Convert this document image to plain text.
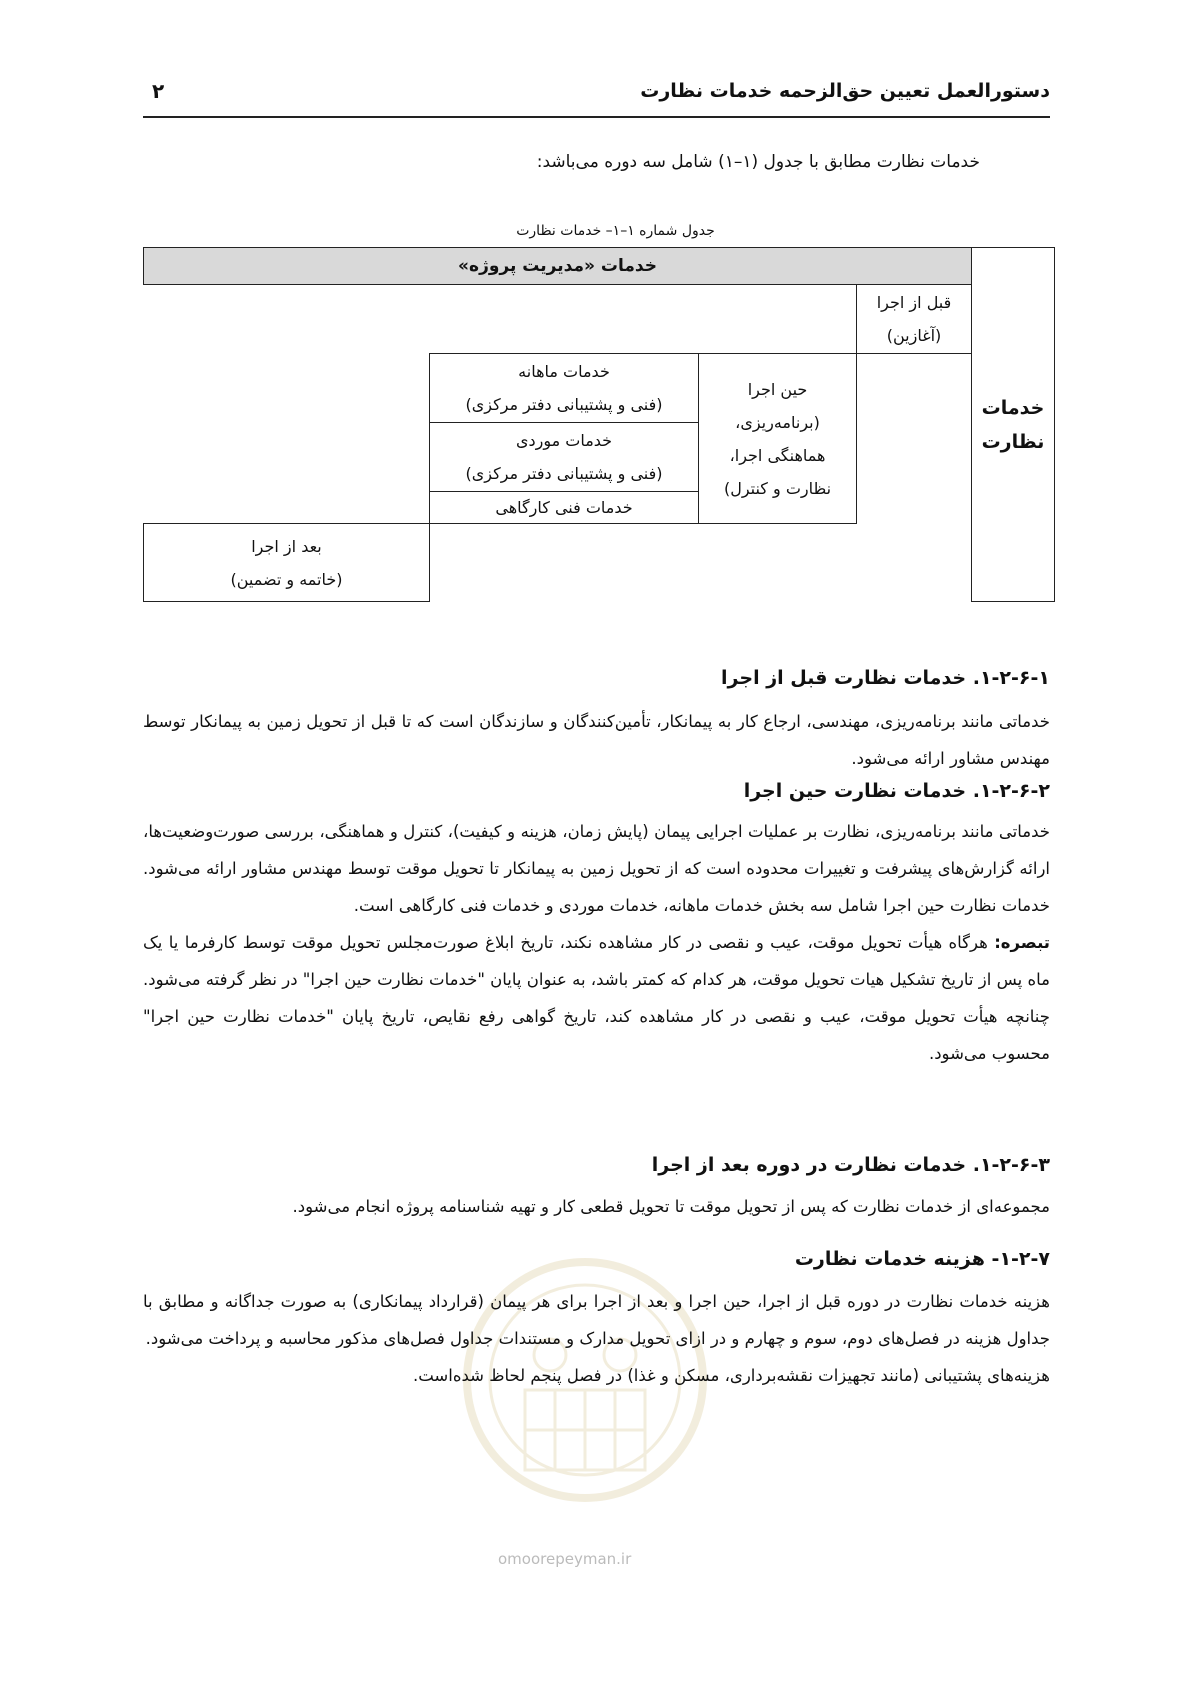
دستورالعمل تعیین حق‌الزحمه خدمات نظارت
۲
خدمات نظارت مطابق با جدول (۱–۱) شامل سه دوره می‌باشد:
جدول شماره ۱–۱– خدمات نظارت
خدمات
نظارت
خدمات «مدیریت پروژه»
قبل از اجرا
(آغازین)
حین اجرا
(برنامه‌ریزی،
هماهنگی اجرا،
نظارت و کنترل)
خدمات ماهانه
(فنی و پشتیبانی دفتر مرکزی)
خدمات موردی
(فنی و پشتیبانی دفتر مرکزی)
خدمات فنی کارگاهی
بعد از اجرا
(خاتمه و تضمین)
omoorepeyman.ir
۱-۲-۶-۱. خدمات نظارت قبل از اجرا

خدماتی مانند برنامه‌ریزی، مهندسی، ارجاع کار به پیمانکار، تأمین‌کنندگان و سازندگان است که تا قبل از تحویل زمین به پیمانکار توسط مهندس مشاور ارائه می‌شود.

۱-۲-۶-۲. خدمات نظارت حین اجرا

خدماتی مانند برنامه‌ریزی، نظارت بر عملیات اجرایی پیمان (پایش زمان، هزینه و کیفیت)، کنترل و هماهنگی، بررسی صورت‌وضعیت‌ها، ارائه گزارش‌های پیشرفت و تغییرات محدوده است که از تحویل زمین به پیمانکار تا تحویل موقت توسط مهندس مشاور ارائه می‌شود. خدمات نظارت حین اجرا شامل سه بخش خدمات ماهانه، خدمات موردی و خدمات فنی کارگاهی است.

تبصره: هرگاه هیأت تحویل موقت، عیب و نقصی در کار مشاهده نکند، تاریخ ابلاغ صورت‌مجلس تحویل موقت توسط کارفرما یا یک ماه پس از تاریخ تشکیل هیات تحویل موقت، هر کدام که کمتر باشد، به عنوان پایان "خدمات نظارت حین اجرا" در نظر گرفته می‌شود. چنانچه هیأت تحویل موقت، عیب و نقصی در کار مشاهده کند، تاریخ گواهی رفع نقایص، تاریخ پایان "خدمات نظارت حین اجرا" محسوب می‌شود.

۱-۲-۶-۳. خدمات نظارت در دوره بعد از اجرا

مجموعه‌ای از خدمات نظارت که پس از تحویل موقت تا تحویل قطعی کار و تهیه شناسنامه پروژه انجام می‌شود.

۱-۲-۷- هزینه خدمات نظارت

هزینه خدمات نظارت در دوره قبل از اجرا، حین اجرا و بعد از اجرا برای هر پیمان (قرارداد پیمانکاری) به صورت جداگانه و مطابق با جداول هزینه در فصل‌های دوم، سوم و چهارم و در ازای تحویل مدارک و مستندات جداول فصل‌های مذکور محاسبه و پرداخت می‌شود.

هزینه‌های پشتیبانی (مانند تجهیزات نقشه‌برداری، مسکن و غذا) در فصل پنجم لحاظ شده‌است.
